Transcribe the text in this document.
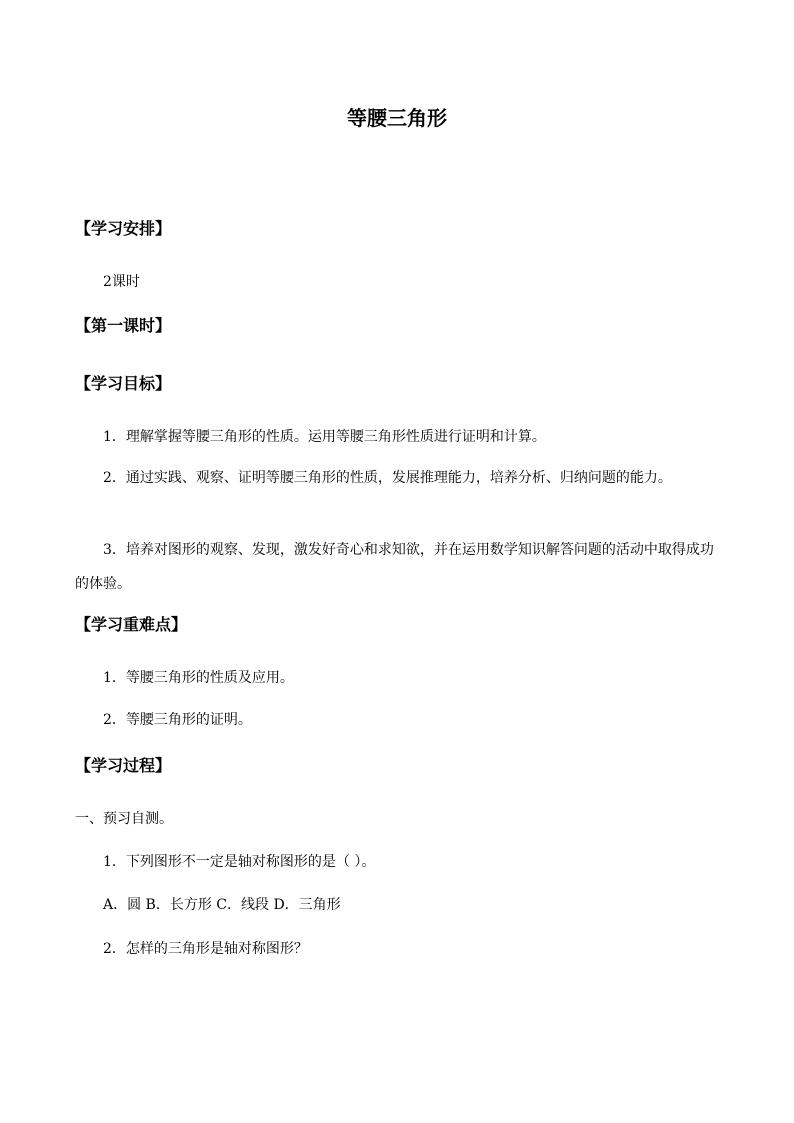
等腰三角形
【学习安排】
2课时
【第一课时】
【学习目标】

1．理解掌握等腰三角形的性质。运用等腰三角形性质进行证明和计算。

2．通过实践、观察、证明等腰三角形的性质，发展推理能力，培养分析、归纳问题的能力。

3．培养对图形的观察、发现，激发好奇心和求知欲，并在运用数学知识解答问题的活动中取得成功的体验。

【学习重难点】
1．等腰三角形的性质及应用。
2．等腰三角形的证明。
【学习过程】
一、预习自测。
1．下列图形不一定是轴对称图形的是（ ）。
A．圆 B．长方形 C．线段 D．三角形
2．怎样的三角形是轴对称图形？
